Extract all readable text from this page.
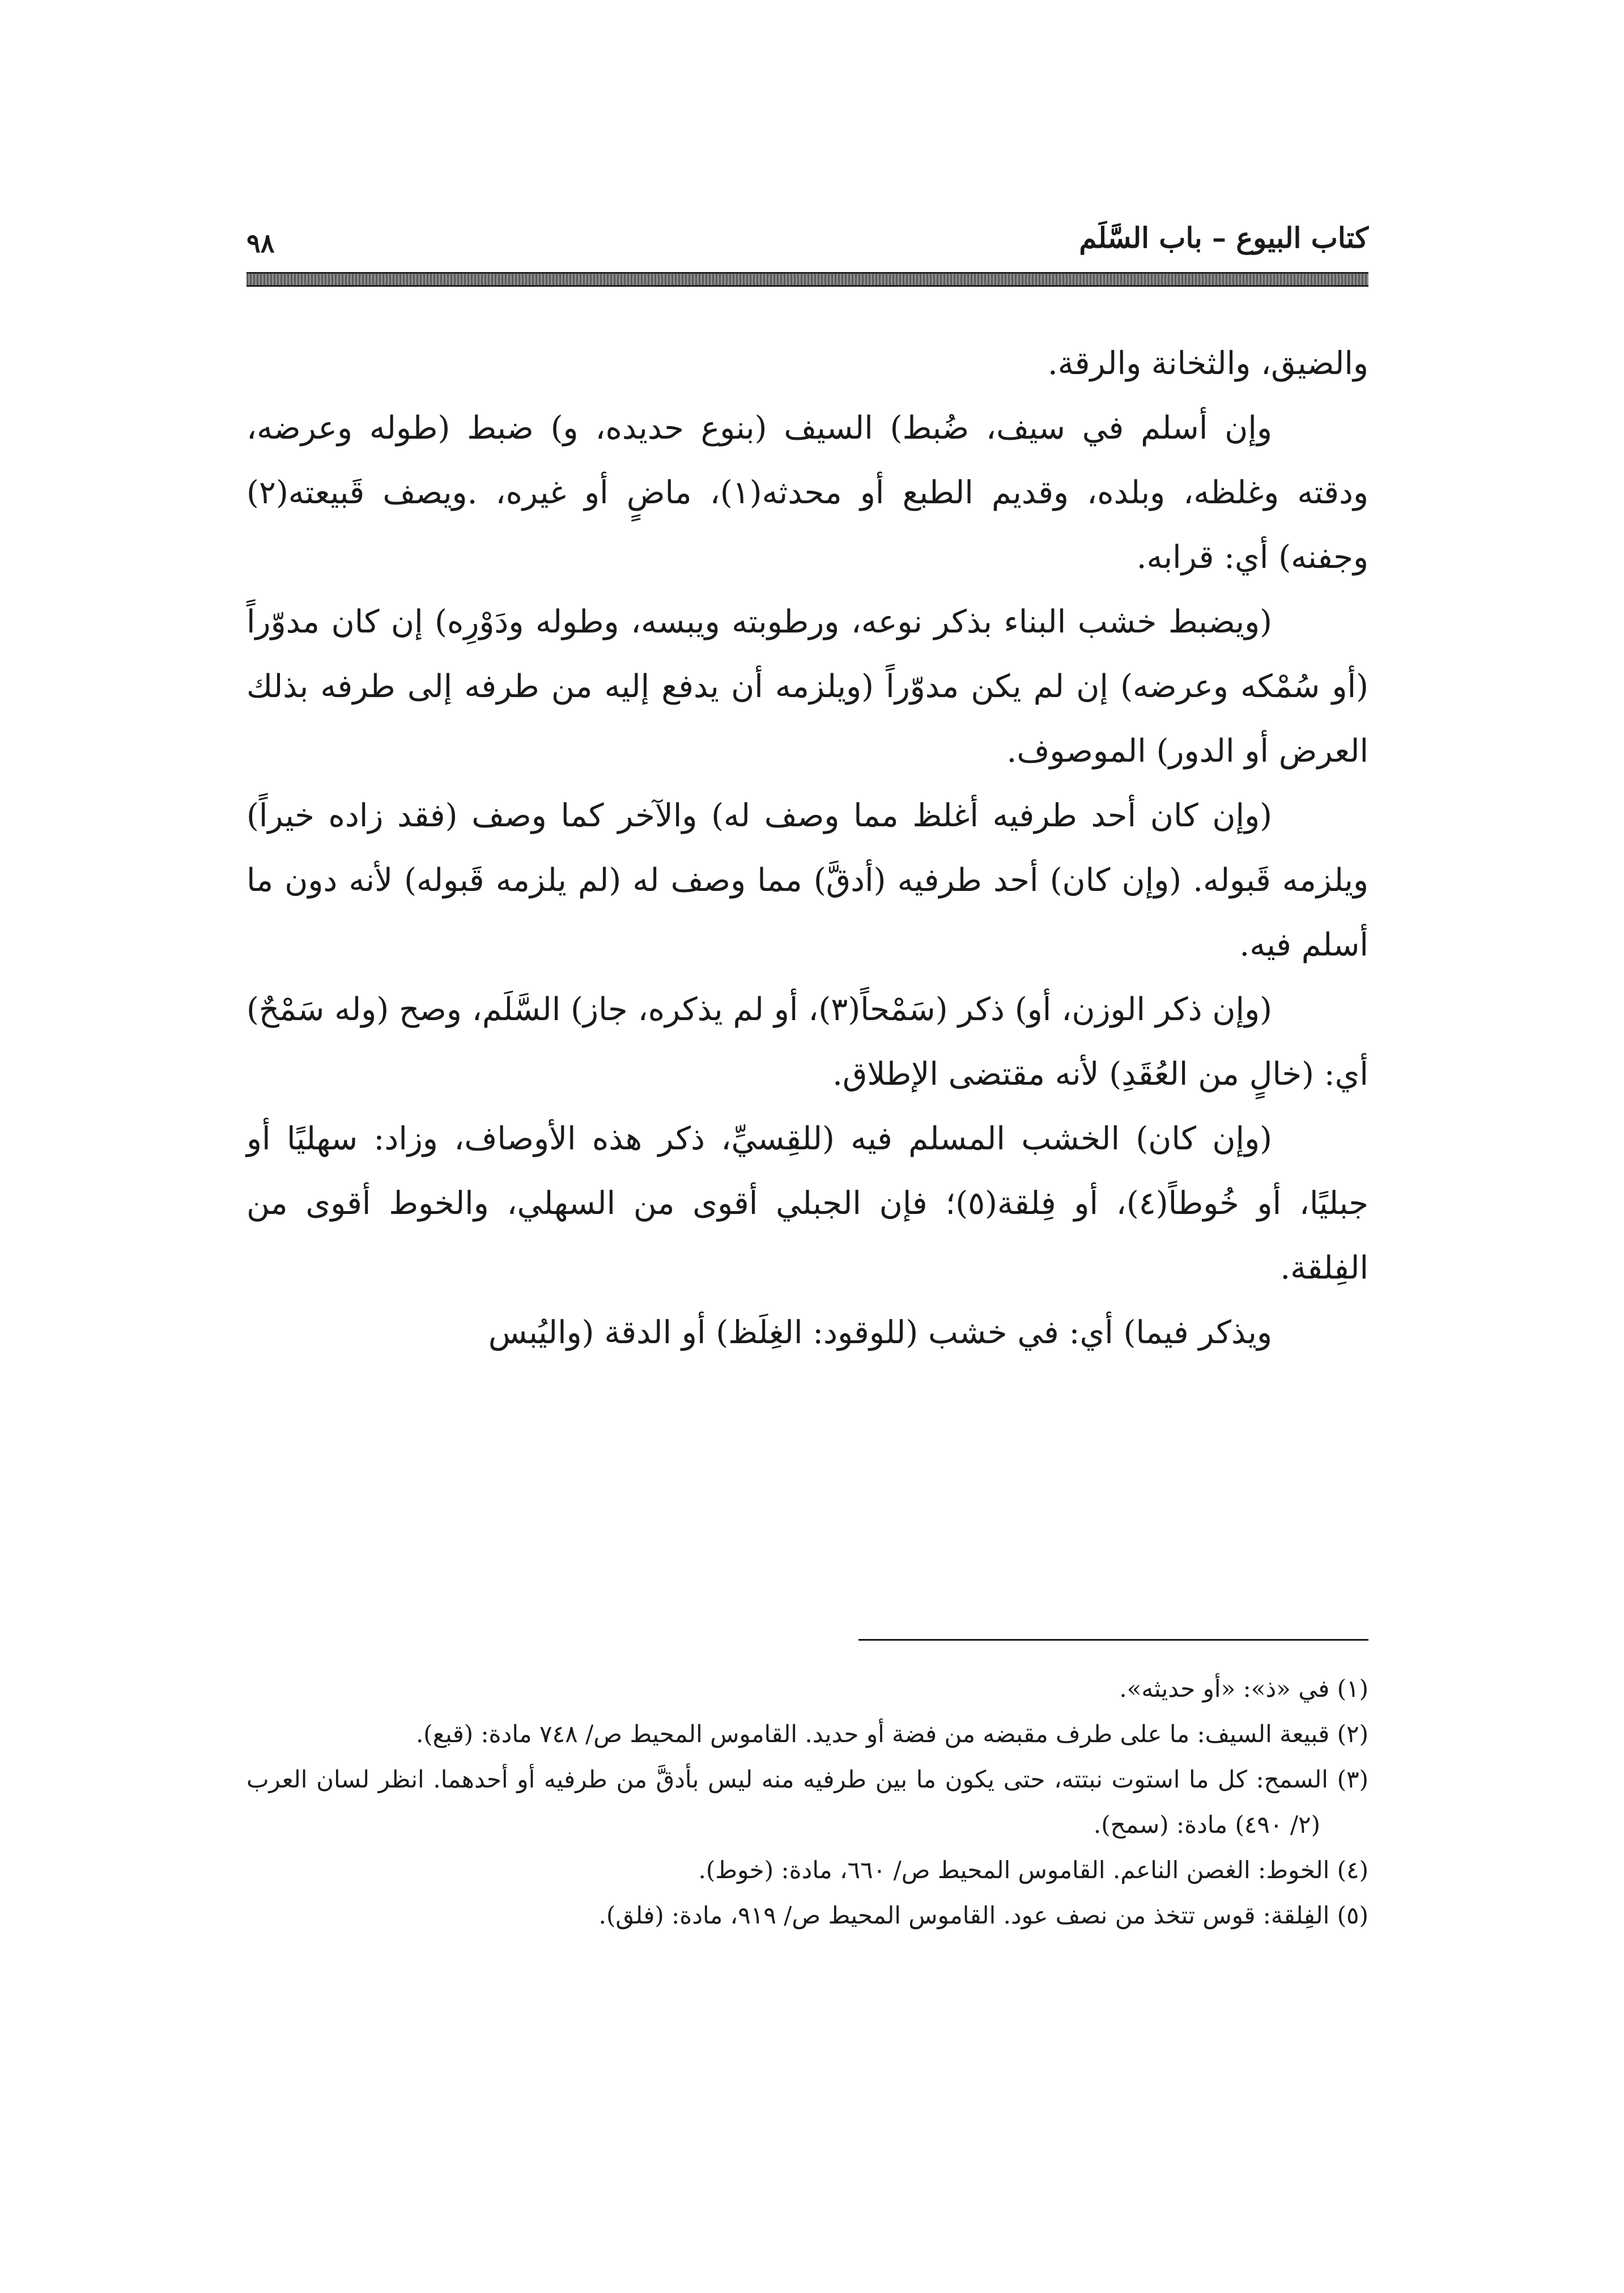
كتاب البيوع – باب السَّلَم
٩٨

والضيق، والثخانة والرقة.

وإن أسلم في سيف، ضُبط) السيف (بنوع حديده، و) ضبط (طوله وعرضه، ودقته وغلظه، وبلده، وقديم الطبع أو محدثه(١)، ماضٍ أو غيره، .ويصف قَبيعته(٢) وجفنه) أي: قرابه.

(ويضبط خشب البناء بذكر نوعه، ورطوبته ويبسه، وطوله ودَوْرِه) إن كان مدوّراً (أو سُمْكه وعرضه) إن لم يكن مدوّراً (ويلزمه أن يدفع إليه من طرفه إلى طرفه بذلك العرض أو الدور) الموصوف.

(وإن كان أحد طرفيه أغلظ مما وصف له) والآخر كما وصف (فقد زاده خيراً) ويلزمه قَبوله. (وإن كان) أحد طرفيه (أدقَّ) مما وصف له (لم يلزمه قَبوله) لأنه دون ما أسلم فيه.

(وإن ذكر الوزن، أو) ذكر (سَمْحاً(٣)، أو لم يذكره، جاز) السَّلَم، وصح (وله سَمْحٌ) أي: (خالٍ من العُقَدِ) لأنه مقتضى الإطلاق.

(وإن كان) الخشب المسلم فيه (للقِسيِّ، ذكر هذه الأوصاف، وزاد: سهليًا أو جبليًا، أو خُوطاً(٤)، أو فِلقة(٥)؛ فإن الجبلي أقوى من السهلي، والخوط أقوى من الفِلقة.

ويذكر فيما) أي: في خشب (للوقود: الغِلَظ) أو الدقة (واليُبس

(١) في «ذ»: «أو حديثه».

(٢) قبيعة السيف: ما على طرف مقبضه من فضة أو حديد. القاموس المحيط ص/ ٧٤٨ مادة: (قبع).

(٣) السمح: كل ما استوت نبتته، حتى يكون ما بين طرفيه منه ليس بأدقَّ من طرفيه أو أحدهما. انظر لسان العرب (٢/ ٤٩٠) مادة: (سمح).

(٤) الخوط: الغصن الناعم. القاموس المحيط ص/ ٦٦٠، مادة: (خوط).

(٥) الفِلقة: قوس تتخذ من نصف عود. القاموس المحيط ص/ ٩١٩، مادة: (فلق).
